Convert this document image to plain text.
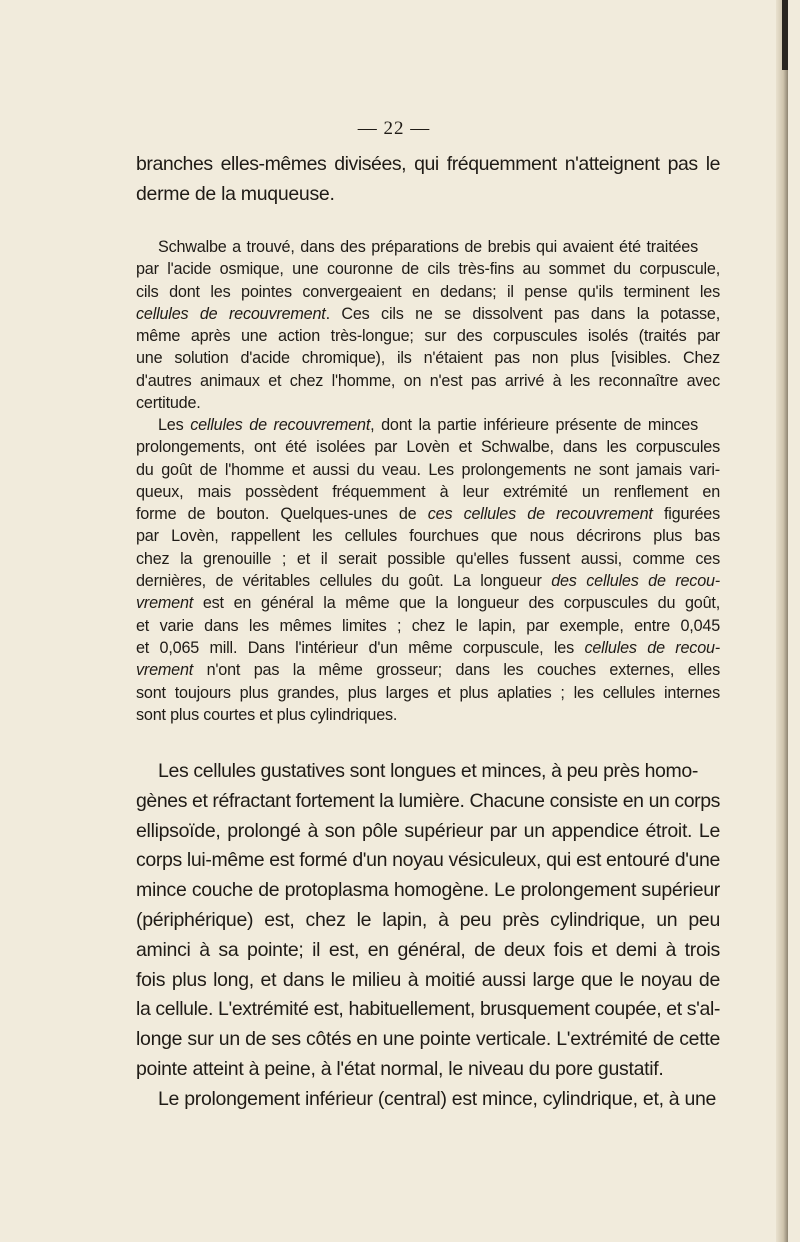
— 22 —
branches elles-mêmes divisées, qui fréquemment n'atteignent pas le
derme de la muqueuse.
Schwalbe a trouvé, dans des préparations de brebis qui avaient été traitées
par l'acide osmique, une couronne de cils très-fins au sommet du corpuscule,
cils dont les pointes convergeaient en dedans; il pense qu'ils terminent les
cellules de recouvrement. Ces cils ne se dissolvent pas dans la potasse,
même après une action très-longue; sur des corpuscules isolés (traités par
une solution d'acide chromique), ils n'étaient pas non plus [visibles. Chez
d'autres animaux et chez l'homme, on n'est pas arrivé à les reconnaître avec
certitude.
Les cellules de recouvrement, dont la partie inférieure présente de minces
prolongements, ont été isolées par Lovèn et Schwalbe, dans les corpuscules
du goût de l'homme et aussi du veau. Les prolongements ne sont jamais vari-
queux, mais possèdent fréquemment à leur extrémité un renflement en
forme de bouton. Quelques-unes de ces cellules de recouvrement figurées
par Lovèn, rappellent les cellules fourchues que nous décrirons plus bas
chez la grenouille ; et il serait possible qu'elles fussent aussi, comme ces
dernières, de véritables cellules du goût. La longueur des cellules de recou-
vrement est en général la même que la longueur des corpuscules du goût,
et varie dans les mêmes limites ; chez le lapin, par exemple, entre 0,045
et 0,065 mill. Dans l'intérieur d'un même corpuscule, les cellules de recou-
vrement n'ont pas la même grosseur; dans les couches externes, elles
sont toujours plus grandes, plus larges et plus aplaties ; les cellules internes
sont plus courtes et plus cylindriques.
Les cellules gustatives sont longues et minces, à peu près homo-
gènes et réfractant fortement la lumière. Chacune consiste en un corps
ellipsoïde, prolongé à son pôle supérieur par un appendice étroit. Le
corps lui-même est formé d'un noyau vésiculeux, qui est entouré d'une
mince couche de protoplasma homogène. Le prolongement supérieur
(périphérique) est, chez le lapin, à peu près cylindrique, un peu
aminci à sa pointe; il est, en général, de deux fois et demi à trois
fois plus long, et dans le milieu à moitié aussi large que le noyau de
la cellule. L'extrémité est, habituellement, brusquement coupée, et s'al-
longe sur un de ses côtés en une pointe verticale. L'extrémité de cette
pointe atteint à peine, à l'état normal, le niveau du pore gustatif.
Le prolongement inférieur (central) est mince, cylindrique, et, à une
